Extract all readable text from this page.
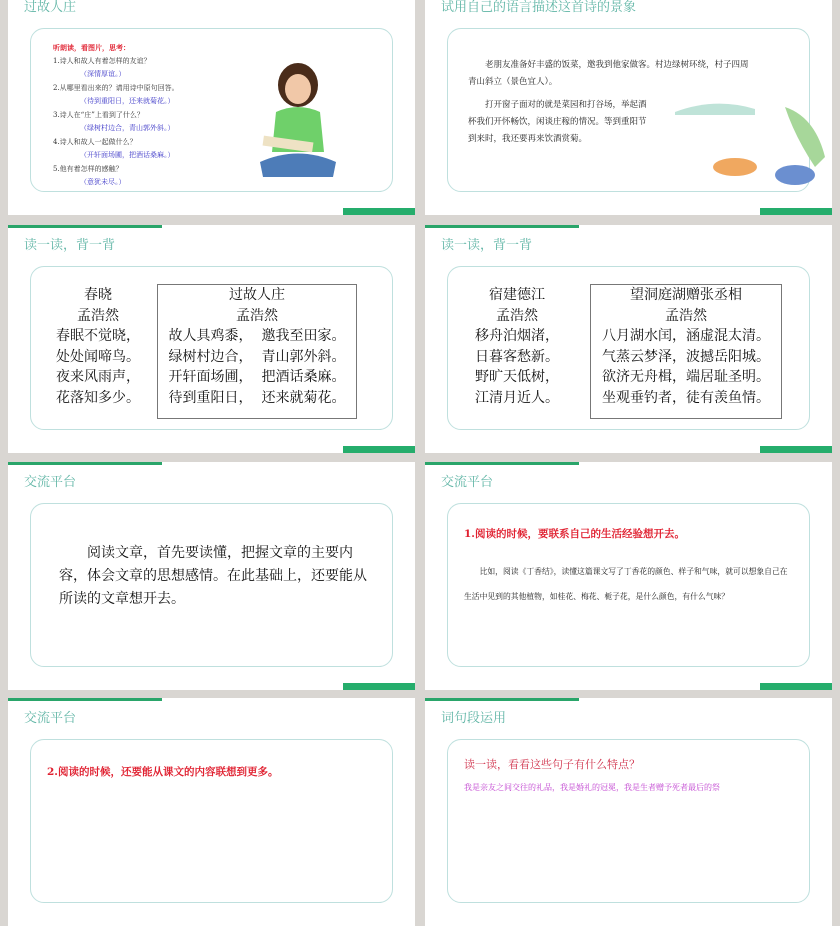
过故人庄
听朗读，看图片，思考：
1.诗人和故人有着怎样的友谊？
（深情厚谊。）
2.从哪里看出来的？请用诗中原句回答。
（待到重阳日，还来就菊花。）
3.诗人在“庄”上看到了什么？
（绿树村边合，青山郭外斜。）
4.诗人和故人一起做什么？
（开轩面场圃，把酒话桑麻。）
5.他有着怎样的感触？
（意犹未尽。）
试用自己的语言描述这首诗的景象

老朋友准备好丰盛的饭菜，邀我到他家做客。村边绿树环绕，村子四周青山斜立（景色宜人）。

打开窗子面对的就是菜园和打谷场，举起酒杯我们开怀畅饮，闲谈庄稼的情况。等到重阳节到来时，我还要再来饮酒赏菊。

读一读，背一背
春晓
孟浩然
春眠不觉晓，
处处闻啼鸟。
夜来风雨声，
花落知多少。
过故人庄
孟浩然
故人具鸡黍，  邀我至田家。
绿树村边合，  青山郭外斜。
开轩面场圃，  把酒话桑麻。
待到重阳日，  还来就菊花。
读一读，背一背
宿建德江
孟浩然
移舟泊烟渚，
日暮客愁新。
野旷天低树，
江清月近人。
望洞庭湖赠张丞相
孟浩然
八月湖水闰，涵虚混太清。
气蒸云梦泽，波撼岳阳城。
欲济无舟楫，端居耻圣明。
坐观垂钓者，徒有羡鱼情。
交流平台
阅读文章，首先要读懂，把握文章的主要内容，体会文章的思想感情。在此基础上，还要能从所读的文章想开去。
交流平台
1.阅读的时候，要联系自己的生活经验想开去。
比如，阅读《丁香结》，读懂这篇课文写了丁香花的颜色、样子和气味，就可以想象自己在生活中见到的其他植物，如桂花、梅花、栀子花，是什么颜色，有什么气味？
交流平台
2.阅读的时候，还要能从课文的内容联想到更多。
词句段运用
读一读，看看这些句子有什么特点？
我是亲友之间交往的礼品，我是婚礼的冠冕，我是生者赠予死者最后的祭
